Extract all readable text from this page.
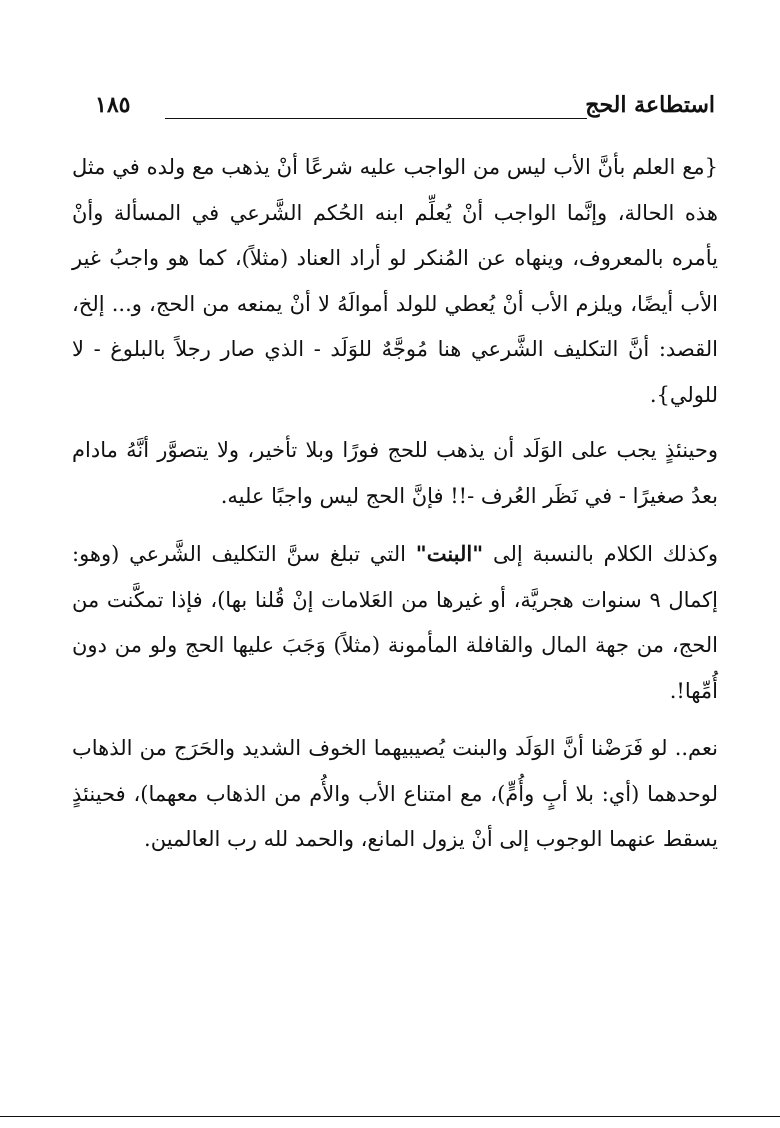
استطاعة الحج
١٨٥

{مع العلم بأنَّ الأب ليس من الواجب عليه شرعًا أنْ يذهب مع ولده في مثل هذه الحالة، وإنَّما الواجب أنْ يُعلِّم ابنه الحُكم الشَّرعي في المسألة وأنْ يأمره بالمعروف، وينهاه عن المُنكر لو أراد العناد (مثلاً)، كما هو واجبُ غير الأب أيضًا، ويلزم الأب أنْ يُعطي للولد أموالَهُ لا أنْ يمنعه من الحج، و... إلخ، القصد: أنَّ التكليف الشَّرعي هنا مُوجَّهٌ للوَلَد - الذي صار رجلاً بالبلوغ - لا للولي}.

وحينئذٍ يجب على الوَلَد أن يذهب للحج فورًا وبلا تأخير، ولا يتصوَّر أنَّهُ مادام بعدُ صغيرًا - في نَظَر العُرف -!! فإنَّ الحج ليس واجبًا عليه.

وكذلك الكلام بالنسبة إلى "البنت" التي تبلغ سنَّ التكليف الشَّرعي (وهو: إكمال ٩ سنوات هجريَّة، أو غيرها من العَلامات إنْ قُلنا بها)، فإذا تمكَّنت من الحج، من جهة المال والقافلة المأمونة (مثلاً) وَجَبَ عليها الحج ولو من دون أُمِّها!.

نعم.. لو فَرَضْنا أنَّ الوَلَد والبنت يُصيبيهما الخوف الشديد والحَرَج من الذهاب لوحدهما (أي: بلا أبٍ وأُمٍّ)، مع امتناع الأب والأُم من الذهاب معهما)، فحينئذٍ يسقط عنهما الوجوب إلى أنْ يزول المانع، والحمد لله رب العالمين.
